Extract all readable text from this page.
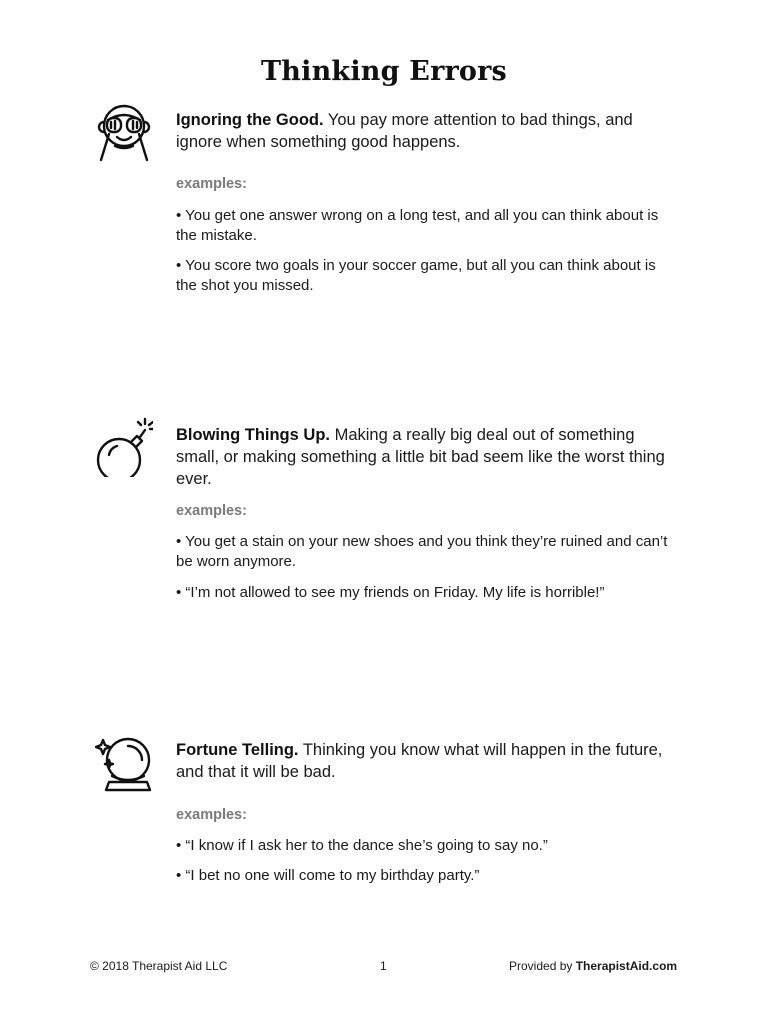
Thinking Errors

Ignoring the Good. You pay more attention to bad things, and ignore when something good happens.

examples:

• You get one answer wrong on a long test, and all you can think about is the mistake.

• You score two goals in your soccer game, but all you can think about is the shot you missed.

Blowing Things Up. Making a really big deal out of something small, or making something a little bit bad seem like the worst thing ever.

examples:

• You get a stain on your new shoes and you think they’re ruined and can’t be worn anymore.

• “I’m not allowed to see my friends on Friday. My life is horrible!”

Fortune Telling. Thinking you know what will happen in the future, and that it will be bad.

examples:

• “I know if I ask her to the dance she’s going to say no.”

• “I bet no one will come to my birthday party.”

© 2018 Therapist Aid LLC	1	Provided by TherapistAid.com
